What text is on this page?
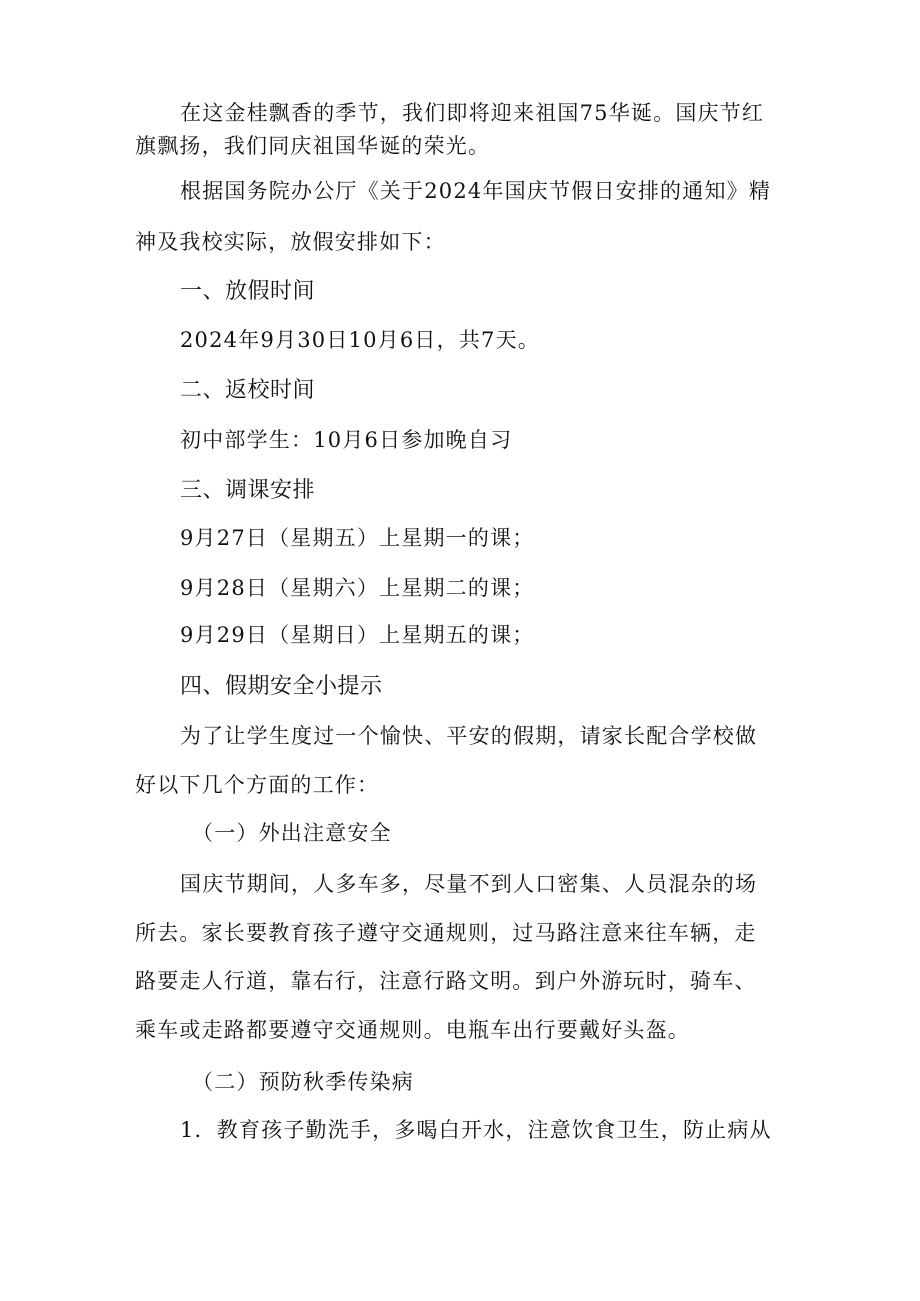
在这金桂飘香的季节，我们即将迎来祖国75华诞。国庆节红
旗飘扬，我们同庆祖国华诞的荣光。
根据国务院办公厅《关于2024年国庆节假日安排的通知》精
神及我校实际，放假安排如下：
一、放假时间
2024年9月30日10月6日，共7天。
二、返校时间
初中部学生：10月6日参加晚自习
三、调课安排
9月27日（星期五）上星期一的课；
9月28日（星期六）上星期二的课；
9月29日（星期日）上星期五的课；
四、假期安全小提示
为了让学生度过一个愉快、平安的假期，请家长配合学校做
好以下几个方面的工作：
（一）外出注意安全
国庆节期间，人多车多，尽量不到人口密集、人员混杂的场
所去。家长要教育孩子遵守交通规则，过马路注意来往车辆，走
路要走人行道，靠右行，注意行路文明。到户外游玩时，骑车、
乘车或走路都要遵守交通规则。电瓶车出行要戴好头盔。
（二）预防秋季传染病
1．教育孩子勤洗手，多喝白开水，注意饮食卫生，防止病从
